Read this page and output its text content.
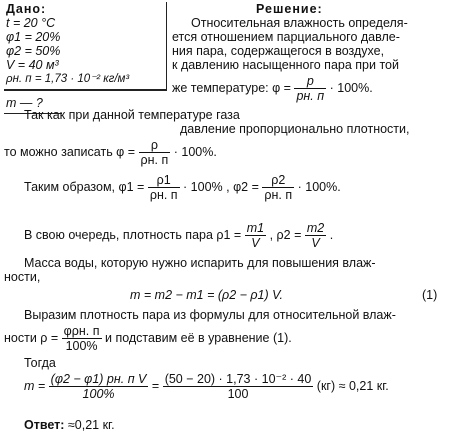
Дано:
t = 20 °C
φ1 = 20%
φ2 = 50%
V = 40 м³
ρн. п = 1,73 · 10⁻² кг/м³
m — ?
Решение:
Относительная влажность определя-
ется отношением парциального давле-
ния пара, содержащегося в воздухе,
к давлению насыщенного пара при той
же температуре: $\varphi = \frac{p}{pн. п} \cdot 100\%$.
Так как при данной температуре газа
давление пропорционально плотности,
то можно записать $\varphi = \frac{\rho}{\rho н. п} \cdot 100\%$.
Таким образом, $\varphi 1 = \frac{\rho 1}{\rho н. п} \cdot 100\%$ , $\varphi 2 = \frac{\rho 2}{\rho н. п} \cdot 100\%$.
В свою очередь, плотность пара $\rho 1 = \frac{m1}{V}$ , $\rho 2 = \frac{m2}{V}$ .
Масса воды, которую нужно испарить для повышения влаж-
ности,
m = m2 − m1 = (ρ2 − ρ1) V.	(1)
Выразим плотность пара из формулы для относительной влаж-
ности $\rho = \frac{\text{φρн. п}}{100\%}$ и подставим её в уравнение (1).
Тогда
$m = \frac{\text{(φ2 − φ1) pн. п V}}{100\%} = \frac{\text{(50 − 20) · 1,73 · 10⁻² · 40}}{100} (кг) \approx 0,21$ кг.
Ответ: ≈0,21 кг.
